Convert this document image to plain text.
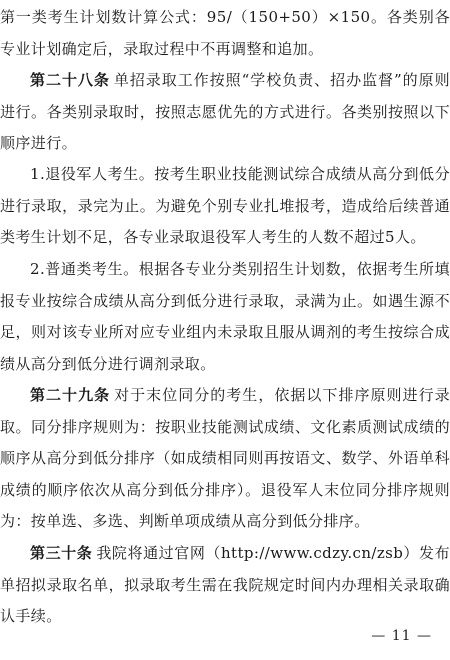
第一类考生计划数计算公式：95/（150+50）×150。各类别各专业计划确定后，录取过程中不再调整和追加。

第二十八条 单招录取工作按照“学校负责、招办监督”的原则进行。各类别录取时，按照志愿优先的方式进行。各类别按照以下顺序进行。

1.退役军人考生。按考生职业技能测试综合成绩从高分到低分进行录取，录完为止。为避免个别专业扎堆报考，造成给后续普通类考生计划不足，各专业录取退役军人考生的人数不超过5人。

2.普通类考生。根据各专业分类别招生计划数，依据考生所填报专业按综合成绩从高分到低分进行录取，录满为止。如遇生源不足，则对该专业所对应专业组内未录取且服从调剂的考生按综合成绩从高分到低分进行调剂录取。

第二十九条 对于末位同分的考生，依据以下排序原则进行录取。同分排序规则为：按职业技能测试成绩、文化素质测试成绩的顺序从高分到低分排序（如成绩相同则再按语文、数学、外语单科成绩的顺序依次从高分到低分排序）。退役军人末位同分排序规则为：按单选、多选、判断单项成绩从高分到低分排序。

第三十条 我院将通过官网（http://www.cdzy.cn/zsb）发布单招拟录取名单，拟录取考生需在我院规定时间内办理相关录取确认手续。

— 11 —
